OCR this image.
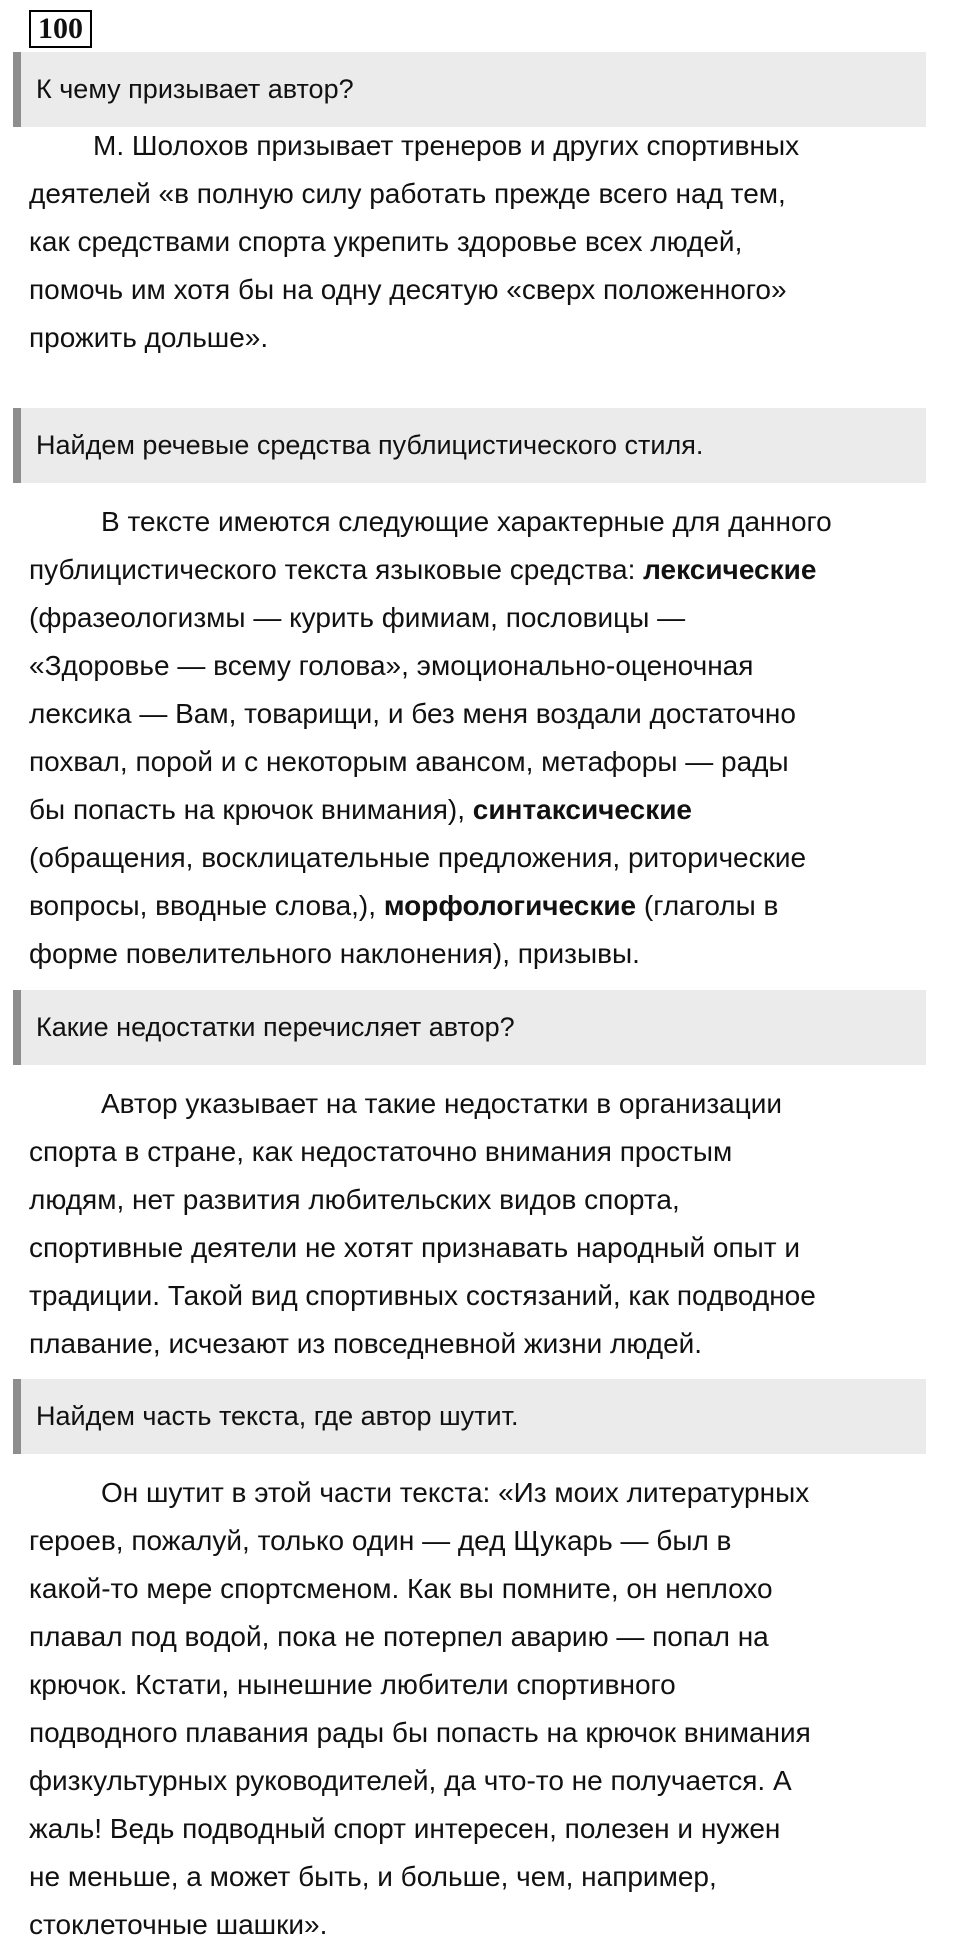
100
К чему призывает автор?
М. Шолохов призывает тренеров и других спортивных
деятелей «в полную силу работать прежде всего над тем,
как средствами спорта укрепить здоровье всех людей,
помочь им хотя бы на одну десятую «сверх положенного»
прожить дольше».
Найдем речевые средства публицистического стиля.
В тексте имеются следующие характерные для данного
публицистического текста языковые средства: лексические
(фразеологизмы — курить фимиам, пословицы —
«Здоровье — всему голова», эмоционально-оценочная
лексика — Вам, товарищи, и без меня воздали достаточно
похвал, порой и с некоторым авансом, метафоры — рады
бы попасть на крючок внимания), синтаксические
(обращения, восклицательные предложения, риторические
вопросы, вводные слова,), морфологические (глаголы в
форме повелительного наклонения), призывы.
Какие недостатки перечисляет автор?
Автор указывает на такие недостатки в организации
спорта в стране, как недостаточно внимания простым
людям, нет развития любительских видов спорта,
спортивные деятели не хотят признавать народный опыт и
традиции. Такой вид спортивных состязаний, как подводное
плавание, исчезают из повседневной жизни людей.
Найдем часть текста, где автор шутит.
Он шутит в этой части текста: «Из моих литературных
героев, пожалуй, только один — дед Щукарь — был в
какой-то мере спортсменом. Как вы помните, он неплохо
плавал под водой, пока не потерпел аварию — попал на
крючок. Кстати, нынешние любители спортивного
подводного плавания рады бы попасть на крючок внимания
физкультурных руководителей, да что-то не получается. А
жаль! Ведь подводный спорт интересен, полезен и нужен
не меньше, а может быть, и больше, чем, например,
стоклеточные шашки».
